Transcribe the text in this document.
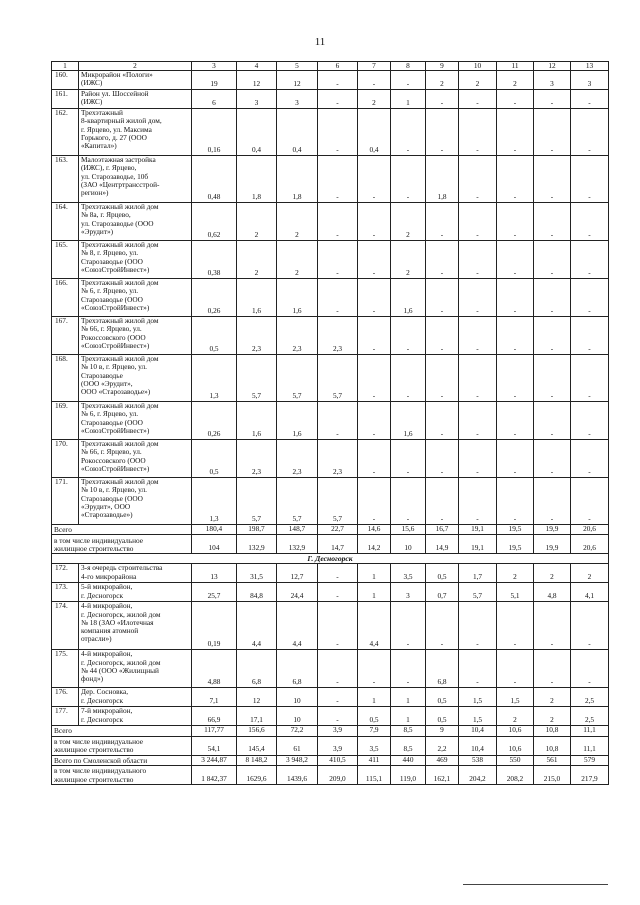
11
1	2	3	4	5	6	7	8	9	10	11	12	13
160.	Микрорайон «Пологи»
(ИЖС)	19	12	12	-	-	-	2	2	2	3	3
161.	Район ул. Шоссейной
(ИЖС)	6	3	3	-	2	1	-	-	-	-	-
162.	Трехэтажный
8-квартирный жилой дом,
г. Ярцево, ул. Максима
Горького, д. 27 (ООО
«Капитал»)	0,16	0,4	0,4	-	0,4	-	-	-	-	-	-
163.	Малоэтажная застройка
(ИЖС), г. Ярцево,
ул. Старозаводье, 10б
(ЗАО «Центртрансстрой-
регион»)	0,48	1,8	1,8	-	-	-	1,8	-	-	-	-
164.	Трехэтажный жилой дом
№ 8а, г. Ярцево,
ул. Старозаводье (ООО
«Эрудит»)	0,62	2	2	-	-	2	-	-	-	-	-
165.	Трехэтажный жилой дом
№ 8, г. Ярцево, ул.
Старозаводье (ООО
«СоюзСтройИнвест»)	0,38	2	2	-	-	2	-	-	-	-	-
166.	Трехэтажный жилой дом
№ 6, г. Ярцево, ул.
Старозаводье (ООО
«СоюзСтройИнвест»)	0,26	1,6	1,6	-	-	1,6	-	-	-	-	-
167.	Трехэтажный жилой дом
№ 66, г. Ярцево, ул.
Рокоссовского (ООО
«СоюзСтройИнвест»)	0,5	2,3	2,3	2,3	-	-	-	-	-	-	-
168.	Трехэтажный жилой дом
№ 10 в, г. Ярцево, ул.
Старозаводье
(ООО «Эрудит»,
ООО «Старозаводье»)	1,3	5,7	5,7	5,7	-	-	-	-	-	-	-
169.	Трехэтажный жилой дом
№ 6, г. Ярцево, ул.
Старозаводье (ООО
«СоюзСтройИнвест»)	0,26	1,6	1,6	-	-	1,6	-	-	-	-	-
170.	Трехэтажный жилой дом
№ 66, г. Ярцево, ул.
Рокоссовского (ООО
«СоюзСтройИнвест»)	0,5	2,3	2,3	2,3	-	-	-	-	-	-	-
171.	Трехэтажный жилой дом
№ 10 в, г. Ярцево, ул.
Старозаводье (ООО
«Эрудит», ООО
«Старозаводье»)	1,3	5,7	5,7	5,7	-	-	-	-	-	-	-
Всего		180,4	198,7	148,7	22,7	14,6	15,6	16,7	19,1	19,5	19,9	20,6
в том числе индивидуальное
жилищное строительство		104	132,9	132,9	14,7	14,2	10	14,9	19,1	19,5	19,9	20,6
Г. Десногорск												
172.	3-я очередь строительства
4-го микрорайона	13	31,5	12,7	-	1	3,5	0,5	1,7	2	2	2
173.	5-й микрорайон,
г. Десногорск	25,7	84,8	24,4	-	1	3	0,7	5,7	5,1	4,8	4,1
174.	4-й микрорайон,
г. Десногорск, жилой дом
№ 18 (ЗАО «Илотечная
компания атомной
отрасли»)	0,19	4,4	4,4	-	4,4	-	-	-	-	-	-
175.	4-й микрорайон,
г. Десногорск, жилой дом
№ 44 (ООО «Жилищный
фонд»)	4,88	6,8	6,8	-	-	-	6,8	-	-	-	-
176.	Дер. Сосновка,
г. Десногорск	7,1	12	10	-	1	1	0,5	1,5	1,5	2	2,5
177.	7-й микрорайон,
г. Десногорск	66,9	17,1	10	-	0,5	1	0,5	1,5	2	2	2,5
Всего		117,77	156,6	72,2	3,9	7,9	8,5	9	10,4	10,6	10,8	11,1
в том числе индивидуальное
жилищное строительство		54,1	145,4	61	3,9	3,5	8,5	2,2	10,4	10,6	10,8	11,1
Всего по Смоленской области		3 244,87	8 148,2	3 948,2	410,5	411	440	469	538	550	561	579
в том числе индивидуального
жилищное строительство		1 842,37	1629,6	1439,6	209,0	115,1	119,0	162,1	204,2	208,2	215,0	217,9
